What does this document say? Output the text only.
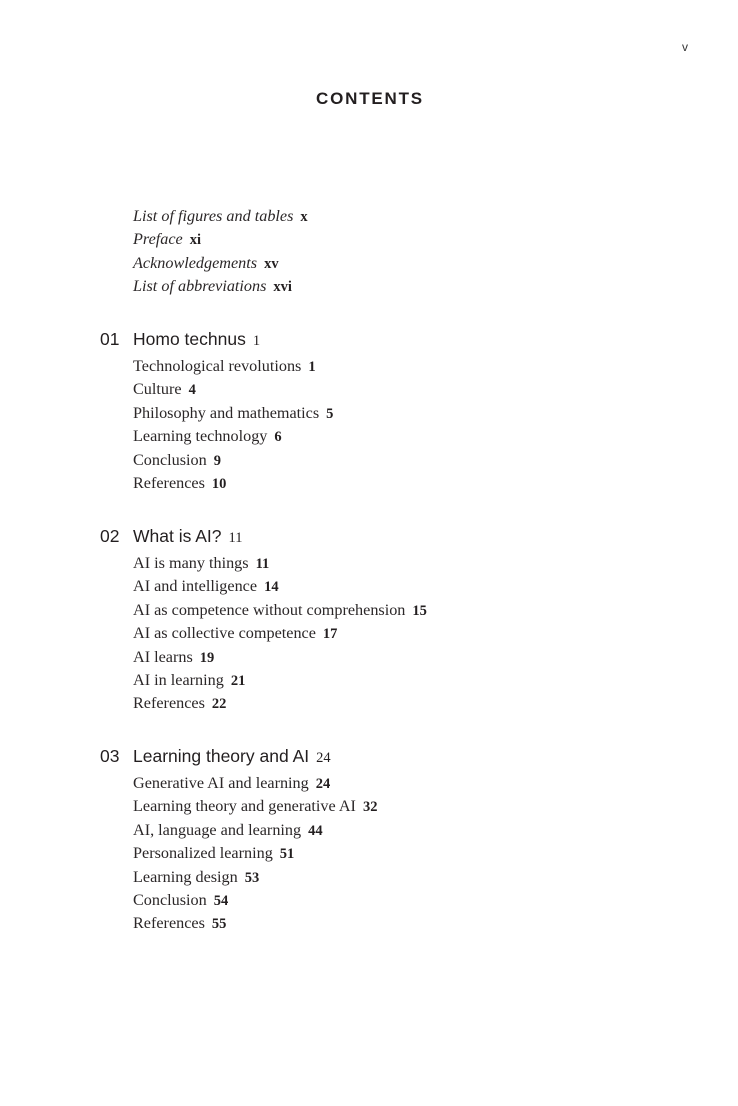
v
CONTENTS
List of figures and tables x
Preface xi
Acknowledgements xv
List of abbreviations xvi
01 Homo technus 1
Technological revolutions 1
Culture 4
Philosophy and mathematics 5
Learning technology 6
Conclusion 9
References 10
02 What is AI? 11
AI is many things 11
AI and intelligence 14
AI as competence without comprehension 15
AI as collective competence 17
AI learns 19
AI in learning 21
References 22
03 Learning theory and AI 24
Generative AI and learning 24
Learning theory and generative AI 32
AI, language and learning 44
Personalized learning 51
Learning design 53
Conclusion 54
References 55
